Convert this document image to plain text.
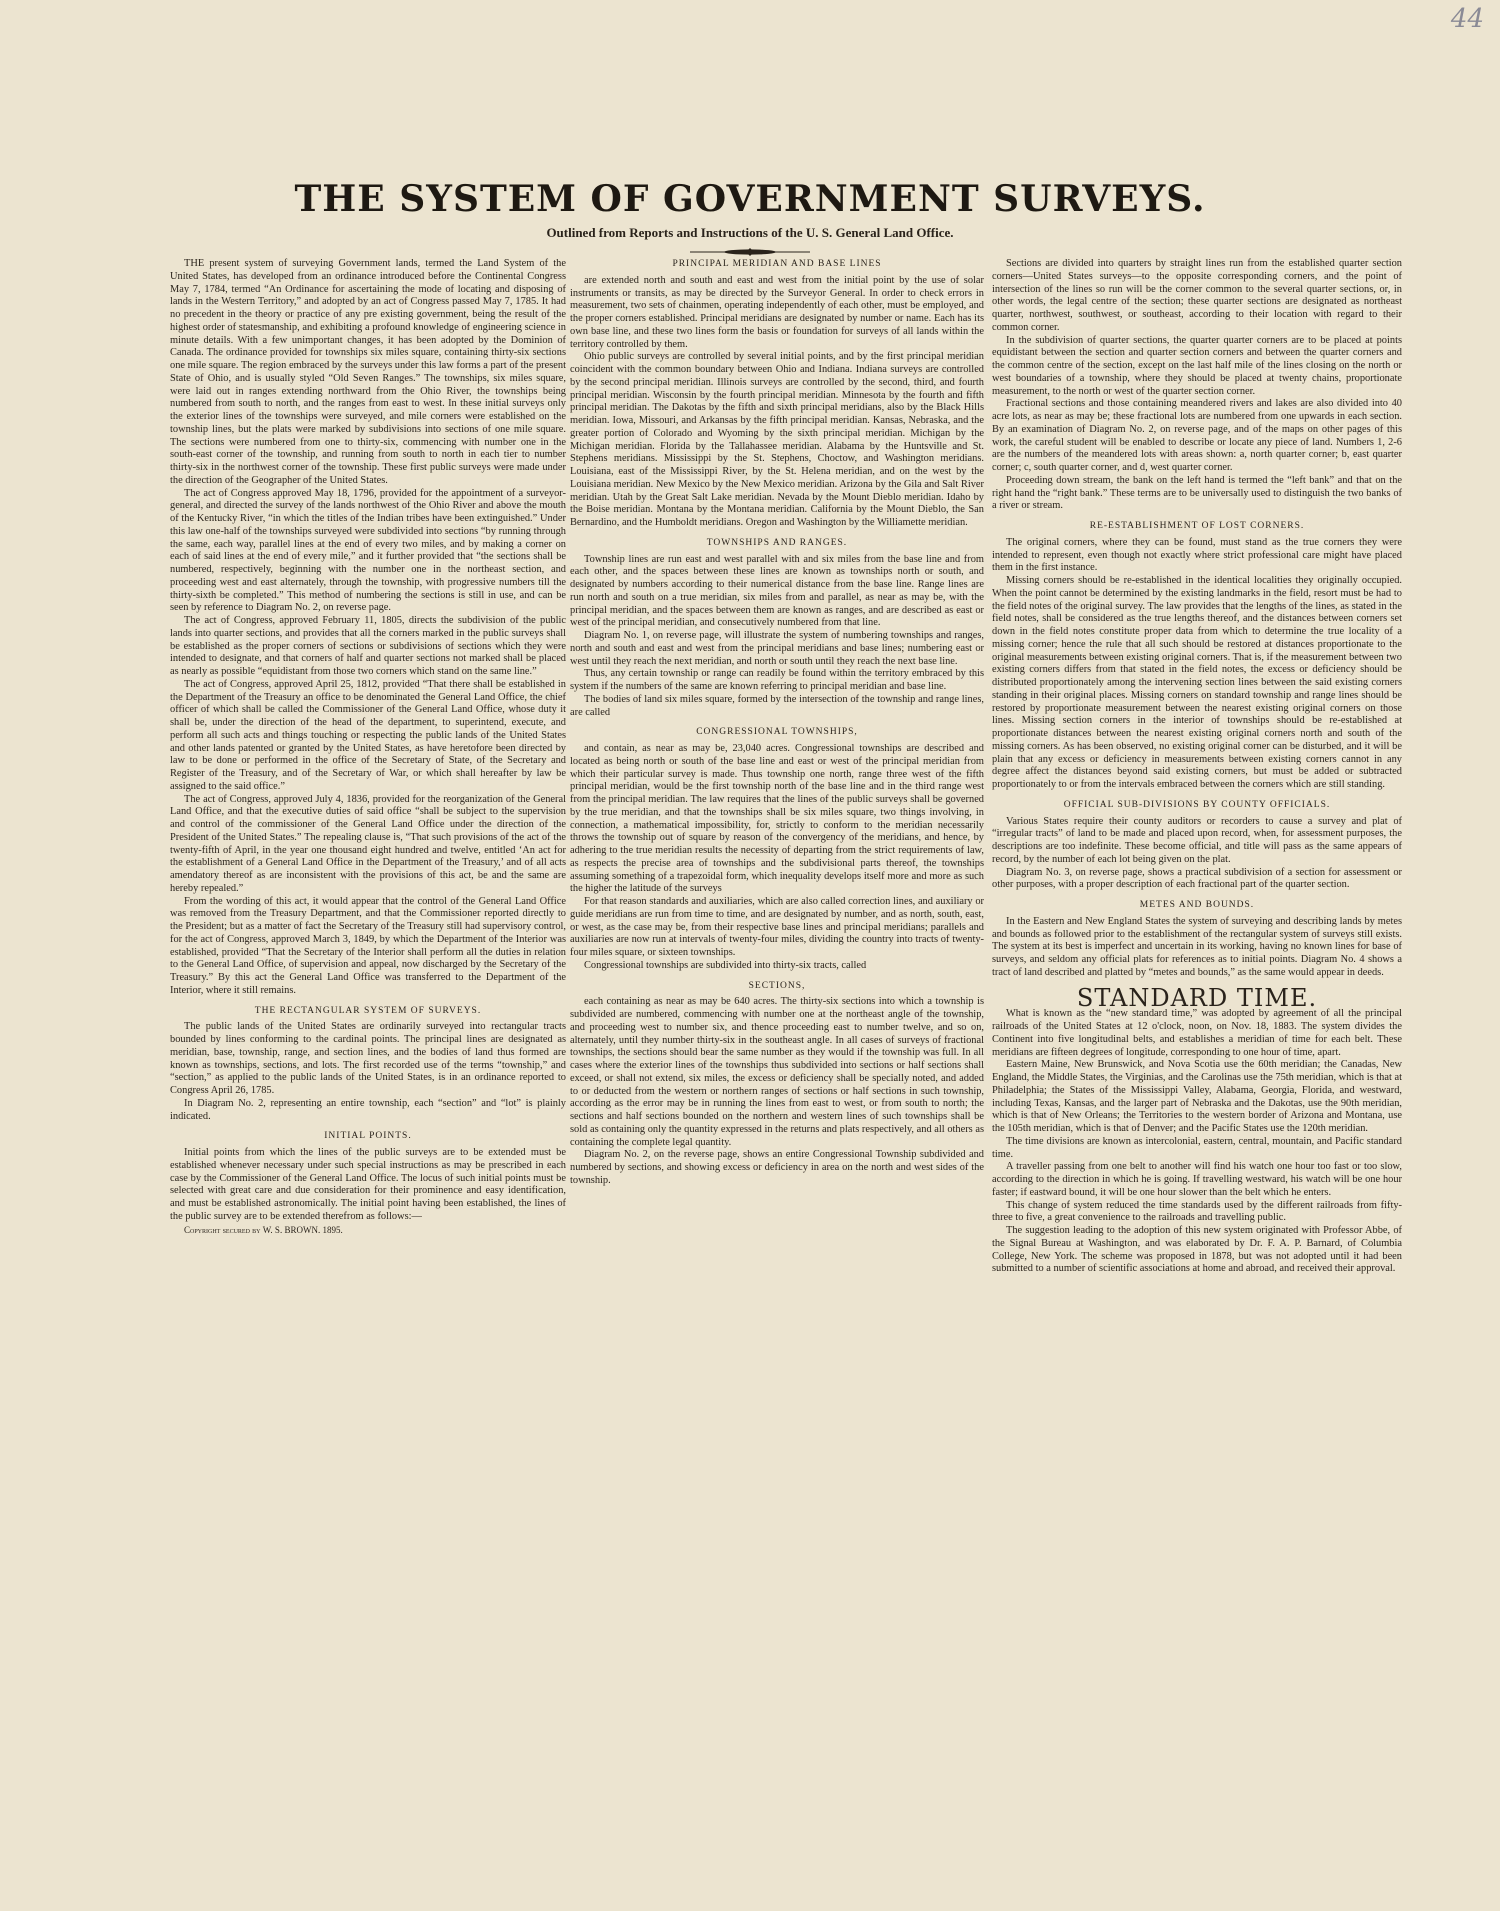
44
THE SYSTEM OF GOVERNMENT SURVEYS.
Outlined from Reports and Instructions of the U. S. General Land Office.

THE present system of surveying Government lands, termed the Land System of the United States, has developed from an ordinance introduced before the Continental Congress May 7, 1784, termed “An Ordinance for ascertaining the mode of locating and disposing of lands in the Western Territory,” and adopted by an act of Congress passed May 7, 1785. It had no precedent in the theory or practice of any pre existing government, being the result of the highest order of statesmanship, and exhibiting a profound knowledge of engineering science in minute details. With a few unimportant changes, it has been adopted by the Dominion of Canada. The ordinance provided for townships six miles square, containing thirty-six sections one mile square. The region embraced by the surveys under this law forms a part of the present State of Ohio, and is usually styled “Old Seven Ranges.” The townships, six miles square, were laid out in ranges extending northward from the Ohio River, the townships being numbered from south to north, and the ranges from east to west. In these initial surveys only the exterior lines of the townships were surveyed, and mile corners were established on the township lines, but the plats were marked by subdivisions into sections of one mile square. The sections were numbered from one to thirty-six, commencing with number one in the south-east corner of the township, and running from south to north in each tier to number thirty-six in the northwest corner of the township. These first public surveys were made under the direction of the Geographer of the United States.

The act of Congress approved May 18, 1796, provided for the appointment of a surveyor-general, and directed the survey of the lands northwest of the Ohio River and above the mouth of the Kentucky River, “in which the titles of the Indian tribes have been extinguished.” Under this law one-half of the townships surveyed were subdivided into sections “by running through the same, each way, parallel lines at the end of every two miles, and by making a corner on each of said lines at the end of every mile,” and it further provided that “the sections shall be numbered, respectively, beginning with the number one in the northeast section, and proceeding west and east alternately, through the township, with progressive numbers till the thirty-sixth be completed.” This method of numbering the sections is still in use, and can be seen by reference to Diagram No. 2, on reverse page.

The act of Congress, approved February 11, 1805, directs the subdivision of the public lands into quarter sections, and provides that all the corners marked in the public surveys shall be established as the proper corners of sections or subdivisions of sections which they were intended to designate, and that corners of half and quarter sections not marked shall be placed as nearly as possible “equidistant from those two corners which stand on the same line.”

The act of Congress, approved April 25, 1812, provided “That there shall be established in the Department of the Treasury an office to be denominated the General Land Office, the chief officer of which shall be called the Commissioner of the General Land Office, whose duty it shall be, under the direction of the head of the department, to superintend, execute, and perform all such acts and things touching or respecting the public lands of the United States and other lands patented or granted by the United States, as have heretofore been directed by law to be done or performed in the office of the Secretary of State, of the Secretary and Register of the Treasury, and of the Secretary of War, or which shall hereafter by law be assigned to the said office.”

The act of Congress, approved July 4, 1836, provided for the reorganization of the General Land Office, and that the executive duties of said office “shall be subject to the supervision and control of the commissioner of the General Land Office under the direction of the President of the United States.” The repealing clause is, “That such provisions of the act of the twenty-fifth of April, in the year one thousand eight hundred and twelve, entitled ‘An act for the establishment of a General Land Office in the Department of the Treasury,’ and of all acts amendatory thereof as are inconsistent with the provisions of this act, be and the same are hereby repealed.”

From the wording of this act, it would appear that the control of the General Land Office was removed from the Treasury Department, and that the Commissioner reported directly to the President; but as a matter of fact the Secretary of the Treasury still had supervisory control, for the act of Congress, approved March 3, 1849, by which the Department of the Interior was established, provided “That the Secretary of the Interior shall perform all the duties in relation to the General Land Office, of supervision and appeal, now discharged by the Secretary of the Treasury.” By this act the General Land Office was transferred to the Department of the Interior, where it still remains.

THE RECTANGULAR SYSTEM OF SURVEYS.

The public lands of the United States are ordinarily surveyed into rectangular tracts bounded by lines conforming to the cardinal points. The principal lines are designated as meridian, base, township, range, and section lines, and the bodies of land thus formed are known as townships, sections, and lots. The first recorded use of the terms “township,” and “section,” as applied to the public lands of the United States, is in an ordinance reported to Congress April 26, 1785.

In Diagram No. 2, representing an entire township, each “section” and “lot” is plainly indicated.

INITIAL POINTS.

Initial points from which the lines of the public surveys are to be extended must be established whenever necessary under such special instructions as may be prescribed in each case by the Commissioner of the General Land Office. The locus of such initial points must be selected with great care and due consideration for their prominence and easy identification, and must be established astronomically. The initial point having been established, the lines of the public survey are to be extended therefrom as follows:—

Copyright secured by W. S. BROWN. 1895.

PRINCIPAL MERIDIAN AND BASE LINES

are extended north and south and east and west from the initial point by the use of solar instruments or transits, as may be directed by the Surveyor General. In order to check errors in measurement, two sets of chainmen, operating independently of each other, must be employed, and the proper corners established. Principal meridians are designated by number or name. Each has its own base line, and these two lines form the basis or foundation for surveys of all lands within the territory controlled by them.

Ohio public surveys are controlled by several initial points, and by the first principal meridian coincident with the common boundary between Ohio and Indiana. Indiana surveys are controlled by the second principal meridian. Illinois surveys are controlled by the second, third, and fourth principal meridian. Wisconsin by the fourth principal meridian. Minnesota by the fourth and fifth principal meridian. The Dakotas by the fifth and sixth principal meridians, also by the Black Hills meridian. Iowa, Missouri, and Arkansas by the fifth principal meridian. Kansas, Nebraska, and the greater portion of Colorado and Wyoming by the sixth principal meridian. Michigan by the Michigan meridian. Florida by the Tallahassee meridian. Alabama by the Huntsville and St. Stephens meridians. Mississippi by the St. Stephens, Choctow, and Washington meridians. Louisiana, east of the Mississippi River, by the St. Helena meridian, and on the west by the Louisiana meridian. New Mexico by the New Mexico meridian. Arizona by the Gila and Salt River meridian. Utah by the Great Salt Lake meridian. Nevada by the Mount Dieblo meridian. Idaho by the Boise meridian. Montana by the Montana meridian. California by the Mount Dieblo, the San Bernardino, and the Humboldt meridians. Oregon and Washington by the Williamette meridian.

TOWNSHIPS AND RANGES.

Township lines are run east and west parallel with and six miles from the base line and from each other, and the spaces between these lines are known as townships north or south, and designated by numbers according to their numerical distance from the base line. Range lines are run north and south on a true meridian, six miles from and parallel, as near as may be, with the principal meridian, and the spaces between them are known as ranges, and are described as east or west of the principal meridian, and consecutively numbered from that line.

Diagram No. 1, on reverse page, will illustrate the system of numbering townships and ranges, north and south and east and west from the principal meridians and base lines; numbering east or west until they reach the next meridian, and north or south until they reach the next base line.

Thus, any certain township or range can readily be found within the territory embraced by this system if the numbers of the same are known referring to principal meridian and base line.

The bodies of land six miles square, formed by the intersection of the township and range lines, are called

CONGRESSIONAL TOWNSHIPS,

and contain, as near as may be, 23,040 acres. Congressional townships are described and located as being north or south of the base line and east or west of the principal meridian from which their particular survey is made. Thus township one north, range three west of the fifth principal meridian, would be the first township north of the base line and in the third range west from the principal meridian. The law requires that the lines of the public surveys shall be governed by the true meridian, and that the townships shall be six miles square, two things involving, in connection, a mathematical impossibility, for, strictly to conform to the meridian necessarily throws the township out of square by reason of the convergency of the meridians, and hence, by adhering to the true meridian results the necessity of departing from the strict requirements of law, as respects the precise area of townships and the subdivisional parts thereof, the townships assuming something of a trapezoidal form, which inequality develops itself more and more as such the higher the latitude of the surveys

For that reason standards and auxiliaries, which are also called correction lines, and auxiliary or guide meridians are run from time to time, and are designated by number, and as north, south, east, or west, as the case may be, from their respective base lines and principal meridians; parallels and auxiliaries are now run at intervals of twenty-four miles, dividing the country into tracts of twenty-four miles square, or sixteen townships.

Congressional townships are subdivided into thirty-six tracts, called

SECTIONS,

each containing as near as may be 640 acres. The thirty-six sections into which a township is subdivided are numbered, commencing with number one at the northeast angle of the township, and proceeding west to number six, and thence proceeding east to number twelve, and so on, alternately, until they number thirty-six in the southeast angle. In all cases of surveys of fractional townships, the sections should bear the same number as they would if the township was full. In all cases where the exterior lines of the townships thus subdivided into sections or half sections shall exceed, or shall not extend, six miles, the excess or deficiency shall be specially noted, and added to or deducted from the western or northern ranges of sections or half sections in such township, according as the error may be in running the lines from east to west, or from south to north; the sections and half sections bounded on the northern and western lines of such townships shall be sold as containing only the quantity expressed in the returns and plats respectively, and all others as containing the complete legal quantity.

Diagram No. 2, on the reverse page, shows an entire Congressional Township subdivided and numbered by sections, and showing excess or deficiency in area on the north and west sides of the township.

Sections are divided into quarters by straight lines run from the established quarter section corners—United States surveys—to the opposite corresponding corners, and the point of intersection of the lines so run will be the corner common to the several quarter sections, or, in other words, the legal centre of the section; these quarter sections are designated as northeast quarter, northwest, southwest, or southeast, according to their location with regard to their common corner.

In the subdivision of quarter sections, the quarter quarter corners are to be placed at points equidistant between the section and quarter section corners and between the quarter corners and the common centre of the section, except on the last half mile of the lines closing on the north or west boundaries of a township, where they should be placed at twenty chains, proportionate measurement, to the north or west of the quarter section corner.

Fractional sections and those containing meandered rivers and lakes are also divided into 40 acre lots, as near as may be; these fractional lots are numbered from one upwards in each section. By an examination of Diagram No. 2, on reverse page, and of the maps on other pages of this work, the careful student will be enabled to describe or locate any piece of land. Numbers 1, 2-6 are the numbers of the meandered lots with areas shown: a, north quarter corner; b, east quarter corner; c, south quarter corner, and d, west quarter corner.

Proceeding down stream, the bank on the left hand is termed the “left bank” and that on the right hand the “right bank.” These terms are to be universally used to distinguish the two banks of a river or stream.

RE-ESTABLISHMENT OF LOST CORNERS.

The original corners, where they can be found, must stand as the true corners they were intended to represent, even though not exactly where strict professional care might have placed them in the first instance.

Missing corners should be re-established in the identical localities they originally occupied. When the point cannot be determined by the existing landmarks in the field, resort must be had to the field notes of the original survey. The law provides that the lengths of the lines, as stated in the field notes, shall be considered as the true lengths thereof, and the distances between corners set down in the field notes constitute proper data from which to determine the true locality of a missing corner; hence the rule that all such should be restored at distances proportionate to the original measurements between existing original corners. That is, if the measurement between two existing corners differs from that stated in the field notes, the excess or deficiency should be distributed proportionately among the intervening section lines between the said existing corners standing in their original places. Missing corners on standard township and range lines should be restored by proportionate measurement between the nearest existing original corners on those lines. Missing section corners in the interior of townships should be re-established at proportionate distances between the nearest existing original corners north and south of the missing corners. As has been observed, no existing original corner can be disturbed, and it will be plain that any excess or deficiency in measurements between existing corners cannot in any degree affect the distances beyond said existing corners, but must be added or subtracted proportionately to or from the intervals embraced between the corners which are still standing.

OFFICIAL SUB-DIVISIONS BY COUNTY OFFICIALS.

Various States require their county auditors or recorders to cause a survey and plat of “irregular tracts” of land to be made and placed upon record, when, for assessment purposes, the descriptions are too indefinite. These become official, and title will pass as the same appears of record, by the number of each lot being given on the plat.

Diagram No. 3, on reverse page, shows a practical subdivision of a section for assessment or other purposes, with a proper description of each fractional part of the quarter section.

METES AND BOUNDS.

In the Eastern and New England States the system of surveying and describing lands by metes and bounds as followed prior to the establishment of the rectangular system of surveys still exists. The system at its best is imperfect and uncertain in its working, having no known lines for base of surveys, and seldom any official plats for references as to initial points. Diagram No. 4 shows a tract of land described and platted by “metes and bounds,” as the same would appear in deeds.

STANDARD TIME.

What is known as the “new standard time,” was adopted by agreement of all the principal railroads of the United States at 12 o'clock, noon, on Nov. 18, 1883. The system divides the Continent into five longitudinal belts, and establishes a meridian of time for each belt. These meridians are fifteen degrees of longitude, corresponding to one hour of time, apart.

Eastern Maine, New Brunswick, and Nova Scotia use the 60th meridian; the Canadas, New England, the Middle States, the Virginias, and the Carolinas use the 75th meridian, which is that at Philadelphia; the States of the Mississippi Valley, Alabama, Georgia, Florida, and westward, including Texas, Kansas, and the larger part of Nebraska and the Dakotas, use the 90th meridian, which is that of New Orleans; the Territories to the western border of Arizona and Montana, use the 105th meridian, which is that of Denver; and the Pacific States use the 120th meridian.

The time divisions are known as intercolonial, eastern, central, mountain, and Pacific standard time.

A traveller passing from one belt to another will find his watch one hour too fast or too slow, according to the direction in which he is going. If travelling westward, his watch will be one hour faster; if eastward bound, it will be one hour slower than the belt which he enters.

This change of system reduced the time standards used by the different railroads from fifty-three to five, a great convenience to the railroads and travelling public.

The suggestion leading to the adoption of this new system originated with Professor Abbe, of the Signal Bureau at Washington, and was elaborated by Dr. F. A. P. Barnard, of Columbia College, New York. The scheme was proposed in 1878, but was not adopted until it had been submitted to a number of scientific associations at home and abroad, and received their approval.
